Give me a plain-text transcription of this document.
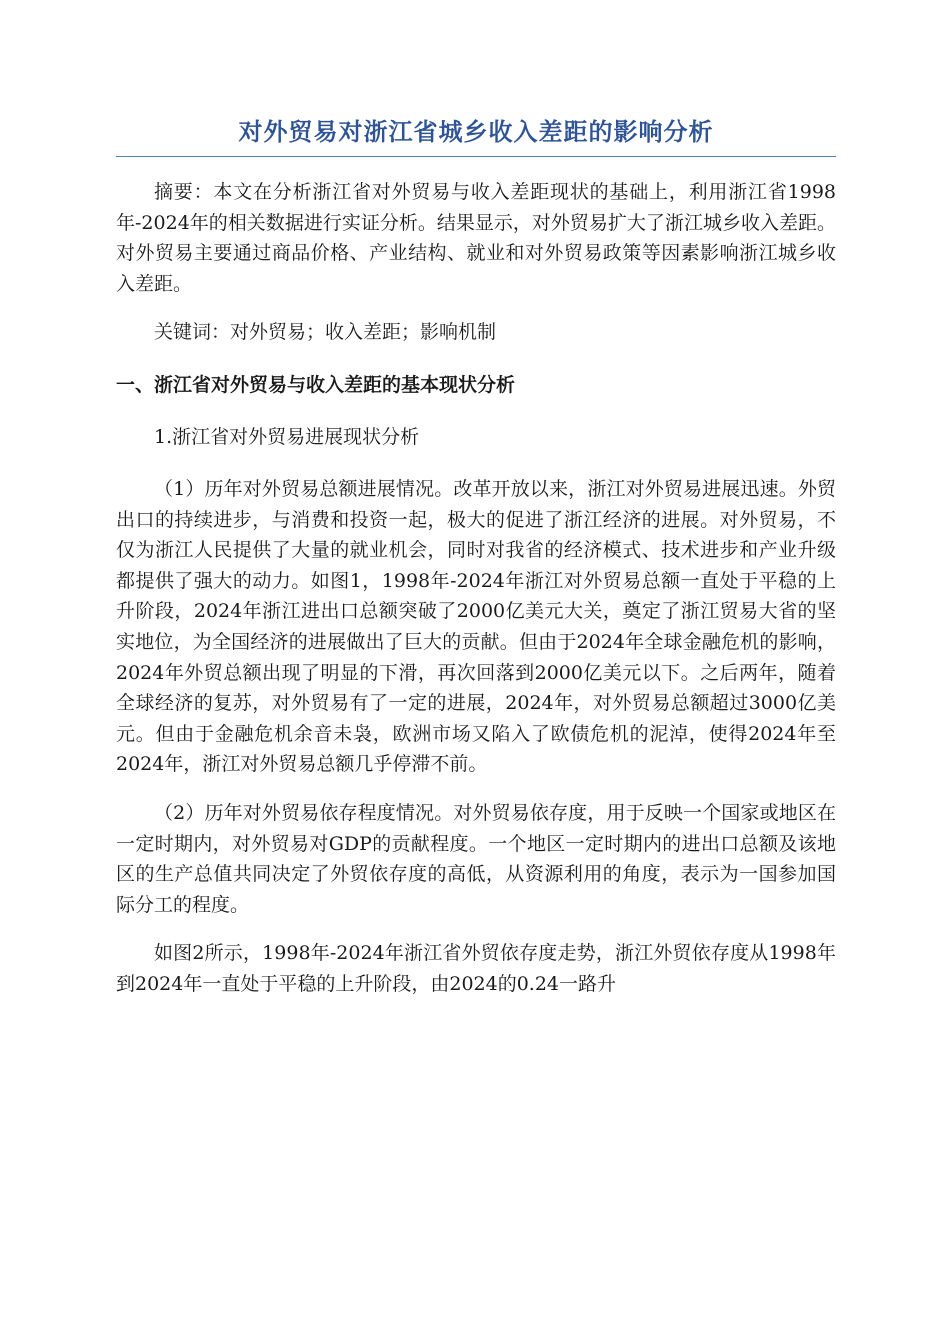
对外贸易对浙江省城乡收入差距的影响分析

摘要：本文在分析浙江省对外贸易与收入差距现状的基础上，利用浙江省1998年-2024年的相关数据进行实证分析。结果显示，对外贸易扩大了浙江城乡收入差距。对外贸易主要通过商品价格、产业结构、就业和对外贸易政策等因素影响浙江城乡收入差距。

关键词：对外贸易；收入差距；影响机制

一、浙江省对外贸易与收入差距的基本现状分析
1.浙江省对外贸易进展现状分析

（1）历年对外贸易总额进展情况。改革开放以来，浙江对外贸易进展迅速。外贸出口的持续进步，与消费和投资一起，极大的促进了浙江经济的进展。对外贸易，不仅为浙江人民提供了大量的就业机会，同时对我省的经济模式、技术进步和产业升级都提供了强大的动力。如图1，1998年-2024年浙江对外贸易总额一直处于平稳的上升阶段，2024年浙江进出口总额突破了2000亿美元大关，奠定了浙江贸易大省的坚实地位，为全国经济的进展做出了巨大的贡献。但由于2024年全球金融危机的影响，2024年外贸总额出现了明显的下滑，再次回落到2000亿美元以下。之后两年，随着全球经济的复苏，对外贸易有了一定的进展，2024年，对外贸易总额超过3000亿美元。但由于金融危机余音未袅，欧洲市场又陷入了欧债危机的泥淖，使得2024年至2024年，浙江对外贸易总额几乎停滞不前。

（2）历年对外贸易依存程度情况。对外贸易依存度，用于反映一个国家或地区在一定时期内，对外贸易对GDP的贡献程度。一个地区一定时期内的进出口总额及该地区的生产总值共同决定了外贸依存度的高低，从资源利用的角度，表示为一国参加国际分工的程度。

如图2所示，1998年-2024年浙江省外贸依存度走势，浙江外贸依存度从1998年到2024年一直处于平稳的上升阶段，由2024的0.24一路升
